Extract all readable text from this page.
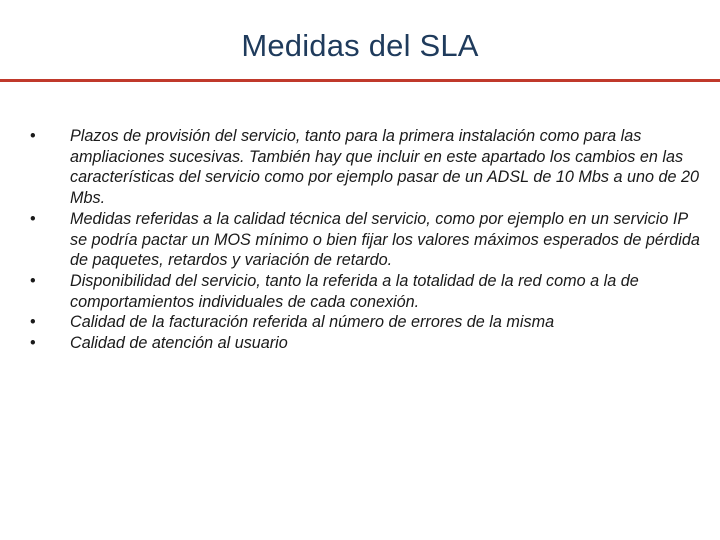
Medidas del SLA
•	Plazos de provisión del servicio, tanto para la primera instalación como para las ampliaciones sucesivas. También hay que incluir en este apartado los cambios en las características del servicio como por ejemplo pasar de un ADSL de 10 Mbs a uno de 20 Mbs.
•	Medidas referidas a la calidad técnica del servicio, como por ejemplo en un servicio IP se podría pactar un MOS mínimo o bien fijar los valores máximos esperados de pérdida de paquetes, retardos y variación de retardo.
•	Disponibilidad del servicio, tanto la referida a la totalidad de la red como a la de comportamientos individuales de cada conexión.
•	Calidad de la facturación referida al número de errores de la misma
•	Calidad de atención al usuario
